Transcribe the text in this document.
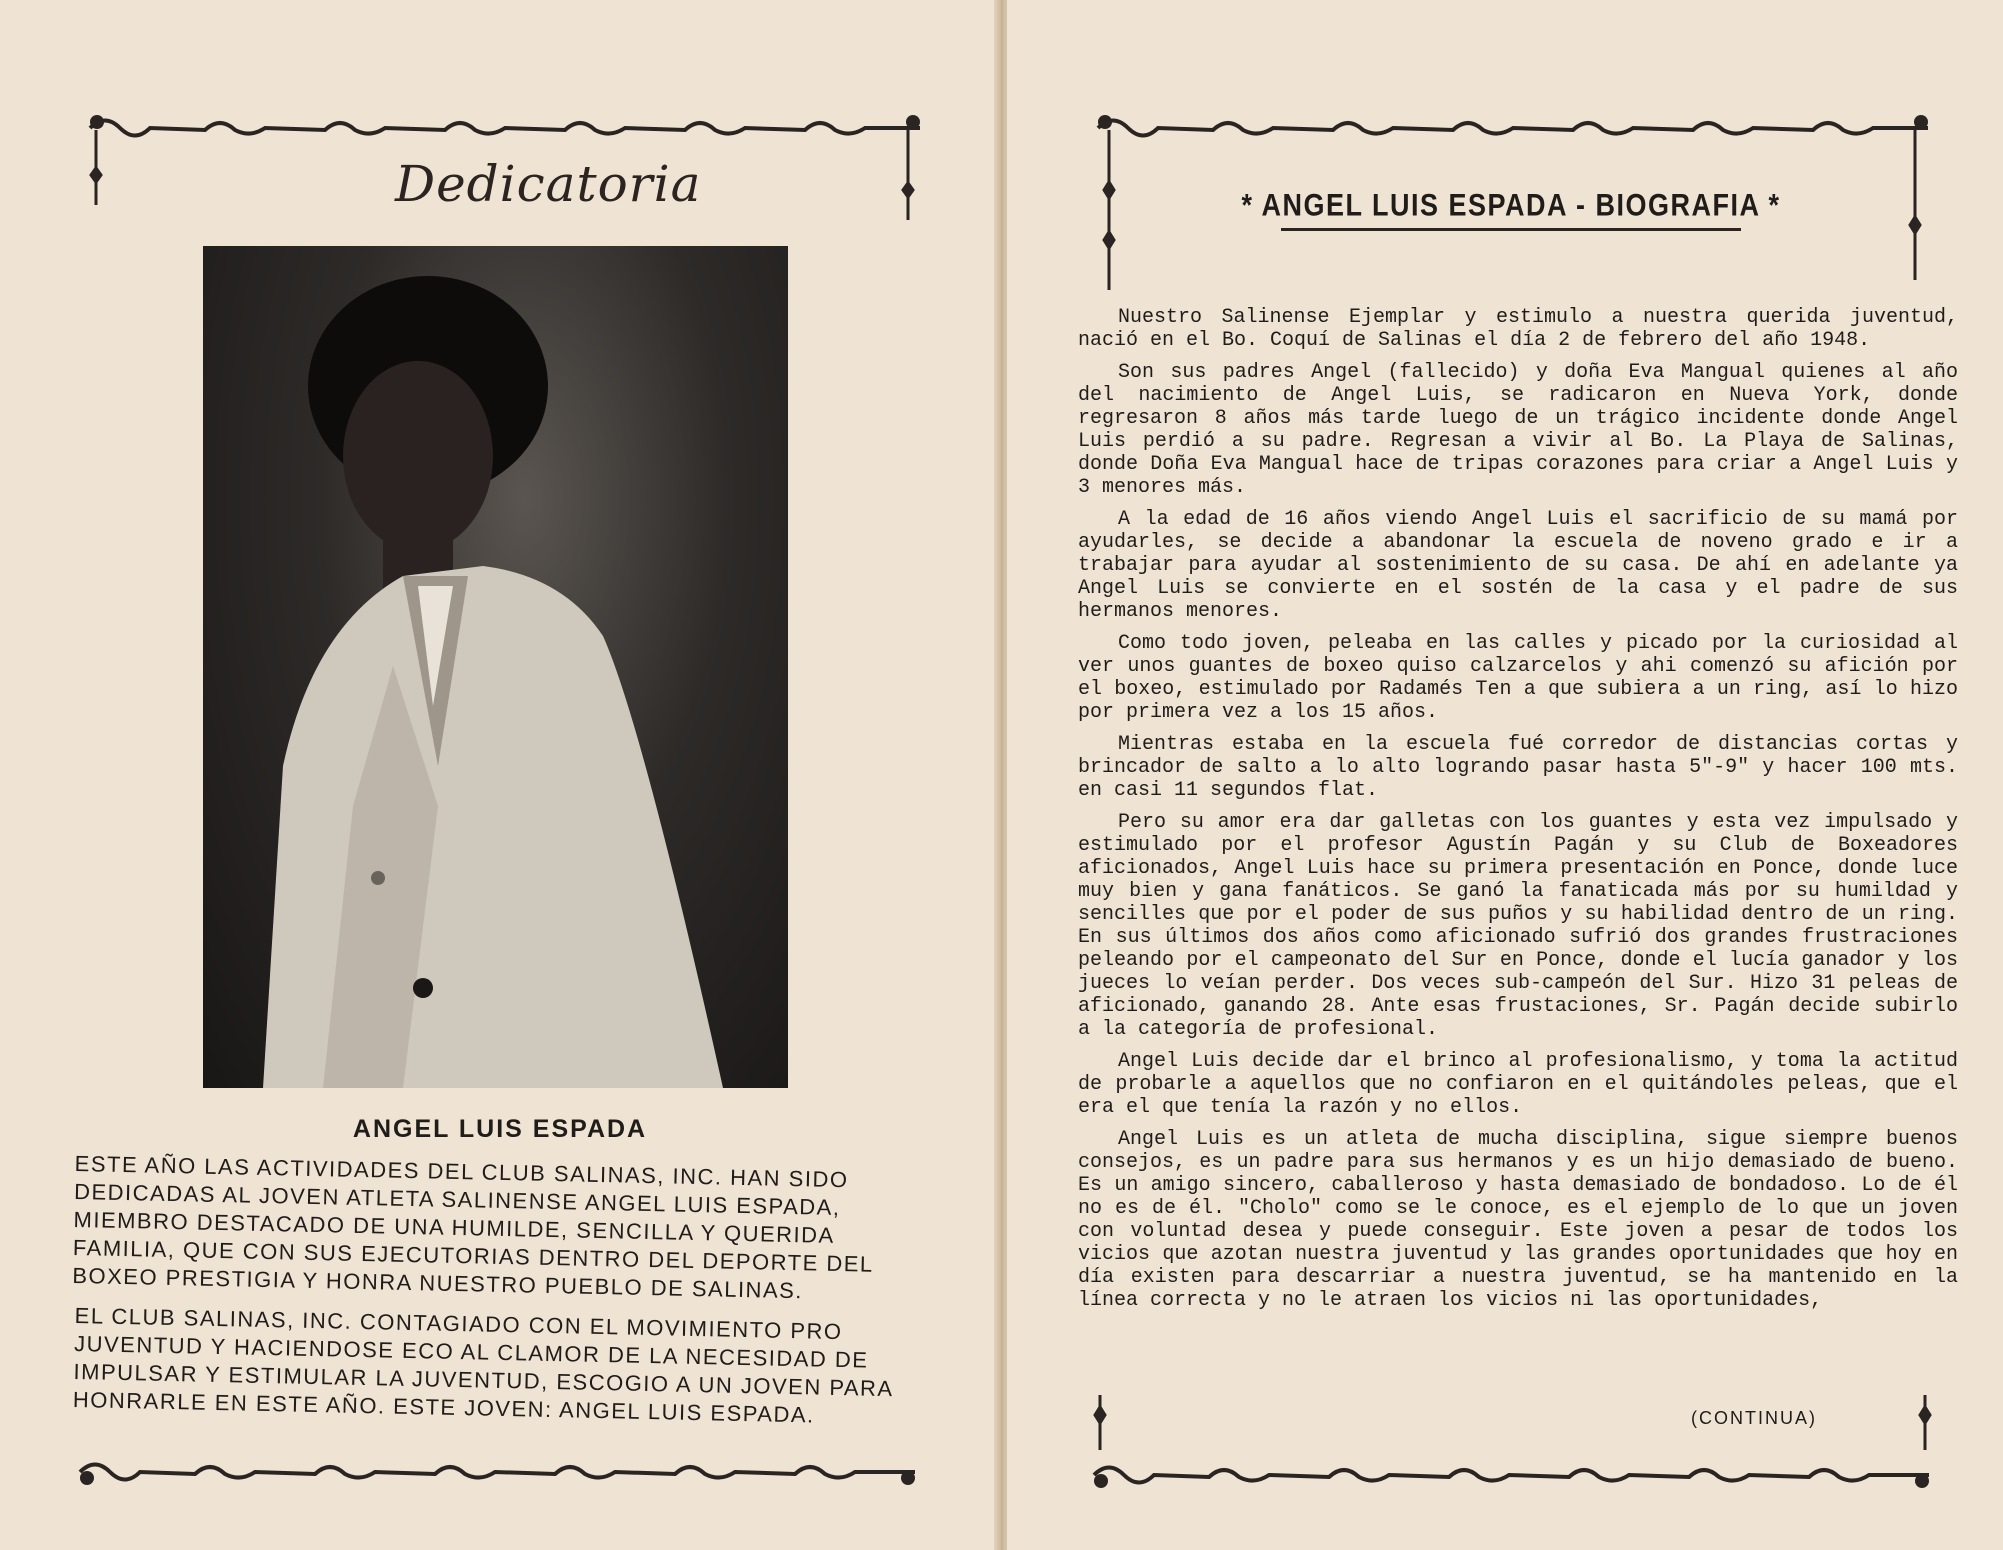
Dedicatoria
ANGEL LUIS ESPADA
ESTE AÑO LAS ACTIVIDADES DEL CLUB SALINAS, INC. HAN SIDO DEDICADAS AL JOVEN ATLETA SALINENSE ANGEL LUIS ESPADA, MIEMBRO DESTACADO DE UNA HUMILDE, SENCILLA Y QUERIDA FAMILIA, QUE CON SUS EJECUTORIAS DENTRO DEL DEPORTE DEL BOXEO PRESTIGIA Y HONRA NUESTRO PUEBLO DE SALINAS.
EL CLUB SALINAS, INC. CONTAGIADO CON EL MOVIMIENTO PRO JUVENTUD Y HACIENDOSE ECO AL CLAMOR DE LA NECESIDAD DE IMPULSAR Y ESTIMULAR LA JUVENTUD, ESCOGIO A UN JOVEN PARA HONRARLE EN ESTE AÑO. ESTE JOVEN: ANGEL LUIS ESPADA.
* ANGEL LUIS ESPADA - BIOGRAFIA *

Nuestro Salinense Ejemplar y estimulo a nuestra querida juventud, nació en el Bo. Coquí de Salinas el día 2 de febrero del año 1948.

Son sus padres Angel (fallecido) y doña Eva Mangual quienes al año del nacimiento de Angel Luis, se radicaron en Nueva York, donde regresaron 8 años más tarde luego de un trágico incidente donde Angel Luis perdió a su padre. Regresan a vivir al Bo. La Playa de Salinas, donde Doña Eva Mangual hace de tripas corazones para criar a Angel Luis y 3 menores más.

A la edad de 16 años viendo Angel Luis el sacrificio de su mamá por ayudarles, se decide a abandonar la escuela de noveno grado e ir a trabajar para ayudar al sostenimiento de su casa. De ahí en adelante ya Angel Luis se convierte en el sostén de la casa y el padre de sus hermanos menores.

Como todo joven, peleaba en las calles y picado por la curiosidad al ver unos guantes de boxeo quiso calzarcelos y ahi comenzó su afición por el boxeo, estimulado por Radamés Ten a que subiera a un ring, así lo hizo por primera vez a los 15 años.

Mientras estaba en la escuela fué corredor de distancias cortas y brincador de salto a lo alto logrando pasar hasta 5"-9" y hacer 100 mts. en casi 11 segundos flat.

Pero su amor era dar galletas con los guantes y esta vez impulsado y estimulado por el profesor Agustín Pagán y su Club de Boxeadores aficionados, Angel Luis hace su primera presentación en Ponce, donde luce muy bien y gana fanáticos. Se ganó la fanaticada más por su humildad y sencilles que por el poder de sus puños y su habilidad dentro de un ring. En sus últimos dos años como aficionado sufrió dos grandes frustraciones peleando por el campeonato del Sur en Ponce, donde el lucía ganador y los jueces lo veían perder. Dos veces sub-campeón del Sur. Hizo 31 peleas de aficionado, ganando 28. Ante esas frustaciones, Sr. Pagán decide subirlo a la categoría de profesional.

Angel Luis decide dar el brinco al profesionalismo, y toma la actitud de probarle a aquellos que no confiaron en el quitándoles peleas, que el era el que tenía la razón y no ellos.

Angel Luis es un atleta de mucha disciplina, sigue siempre buenos consejos, es un padre para sus hermanos y es un hijo demasiado de bueno. Es un amigo sincero, caballeroso y hasta demasiado de bondadoso. Lo de él no es de él. "Cholo" como se le conoce, es el ejemplo de lo que un joven con voluntad desea y puede conseguir. Este joven a pesar de todos los vicios que azotan nuestra juventud y las grandes oportunidades que hoy en día existen para descarriar a nuestra juventud, se ha mantenido en la línea correcta y no le atraen los vicios ni las oportunidades,

(CONTINUA)
